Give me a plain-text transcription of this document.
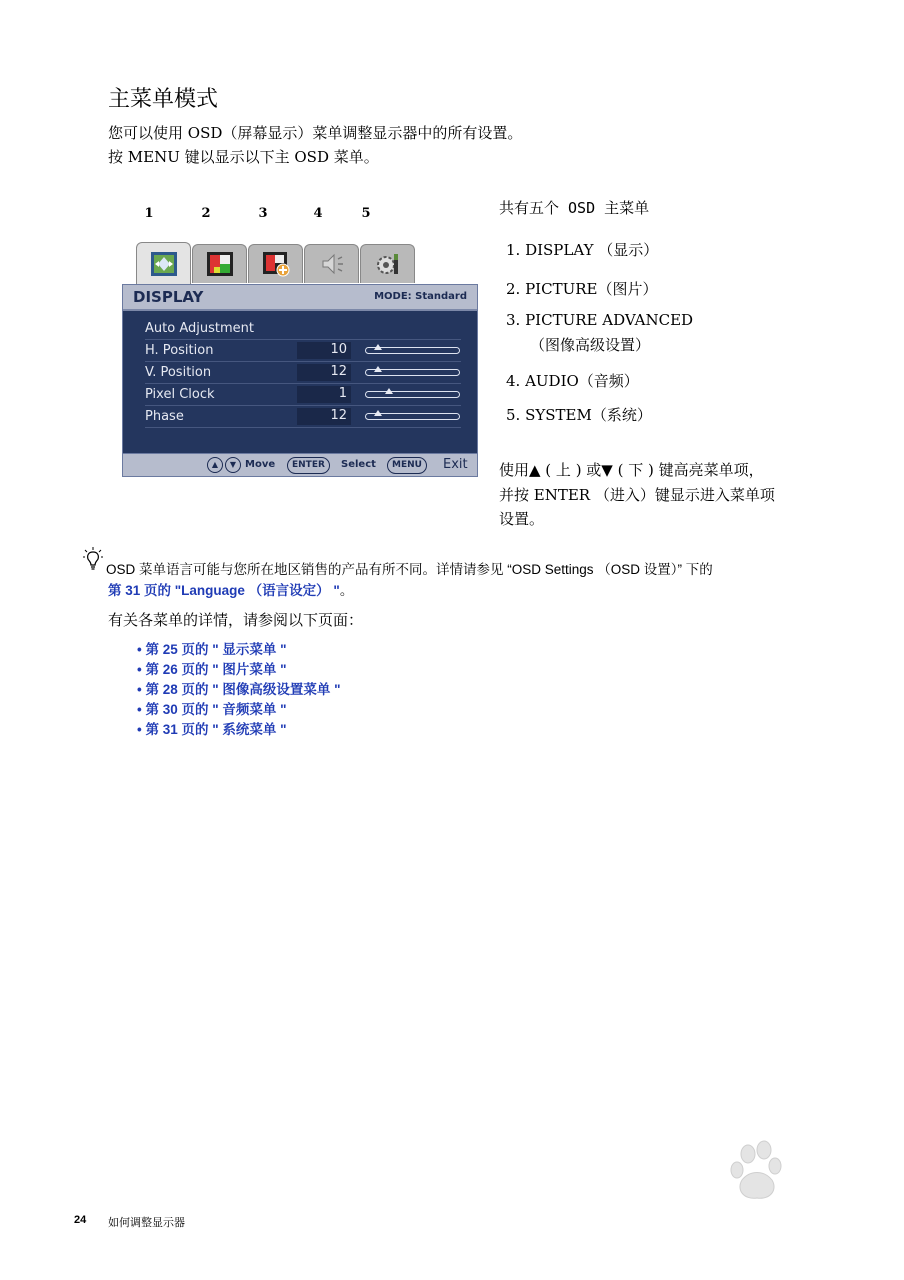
主菜单模式
您可以使用 OSD（屏幕显示）菜单调整显示器中的所有设置。
按 MENU 键以显示以下主 OSD 菜单。
1	2	3	4	5
DISPLAY	MODE: Standard
Auto Adjustment
H. Position	10
V. Position	12
Pixel Clock	1
Phase	12
▲	▼ Move	ENTER	Select	MENU	Exit
共有五个 OSD 主菜单
1. DISPLAY （显示）
2. PICTURE（图片）
3. PICTURE ADVANCED
（图像高级设置）
4. AUDIO（音频）
5. SYSTEM（系统）
使用▲ ( 上 ) 或▼ ( 下 ) 键高亮菜单项，
并按 ENTER （进入）键显示进入菜单项
设置。
OSD 菜单语言可能与您所在地区销售的产品有所不同。详情请参见 “OSD Settings （OSD 设置）” 下的
第 31 页的 "Language （语言设定） "。
有关各菜单的详情，请参阅以下页面：
• 第 25 页的 " 显示菜单 "
• 第 26 页的 " 图片菜单 "
• 第 28 页的 " 图像高级设置菜单 "
• 第 30 页的 " 音频菜单 "
• 第 31 页的 " 系统菜单 "
24 如何调整显示器
